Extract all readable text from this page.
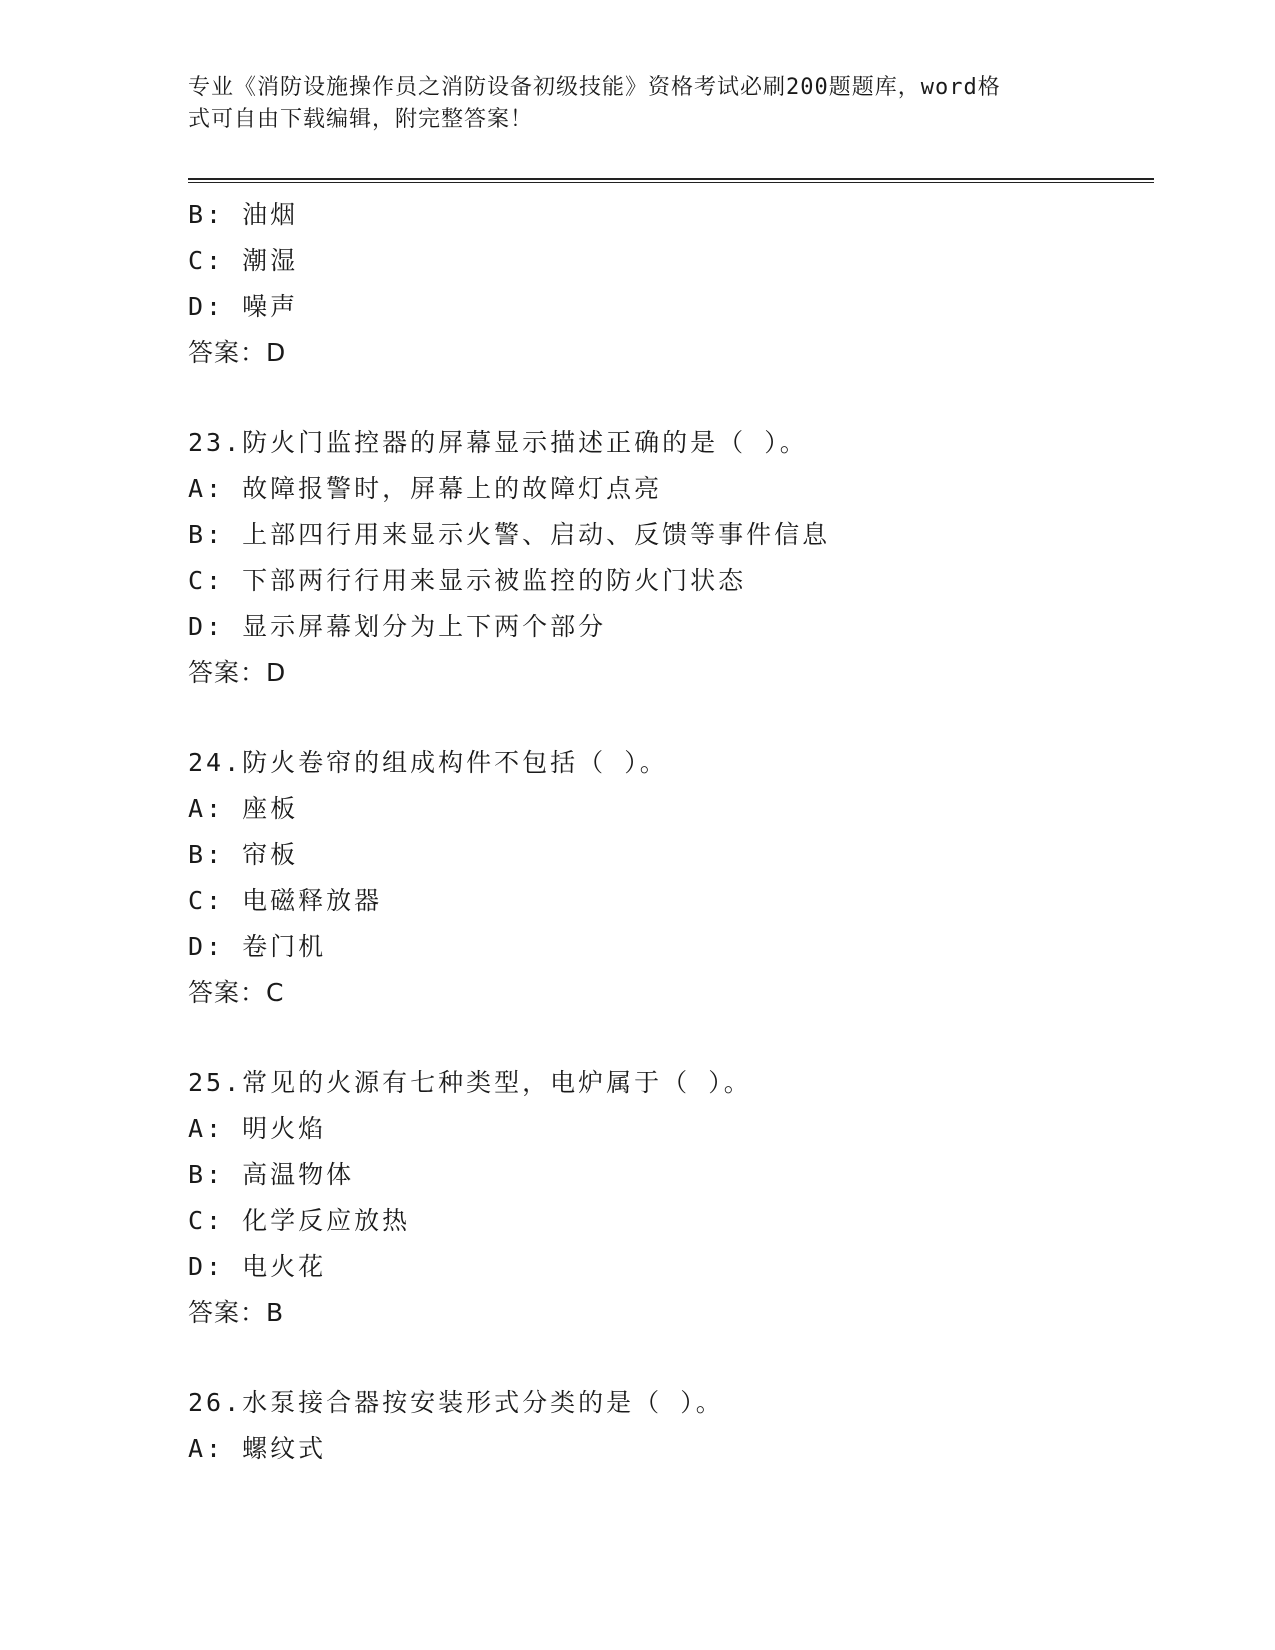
专业《消防设施操作员之消防设备初级技能》资格考试必刷200题题库，word格
式可自由下载编辑，附完整答案！
B: 油烟
C: 潮湿
D: 噪声
答案：D
23.防火门监控器的屏幕显示描述正确的是（ ）。
A: 故障报警时，屏幕上的故障灯点亮
B: 上部四行用来显示火警、启动、反馈等事件信息
C: 下部两行行用来显示被监控的防火门状态
D: 显示屏幕划分为上下两个部分
答案：D
24.防火卷帘的组成构件不包括（ ）。
A: 座板
B: 帘板
C: 电磁释放器
D: 卷门机
答案：C
25.常见的火源有七种类型，电炉属于（ ）。
A: 明火焰
B: 高温物体
C: 化学反应放热
D: 电火花
答案：B
26.水泵接合器按安装形式分类的是（ ）。
A: 螺纹式
